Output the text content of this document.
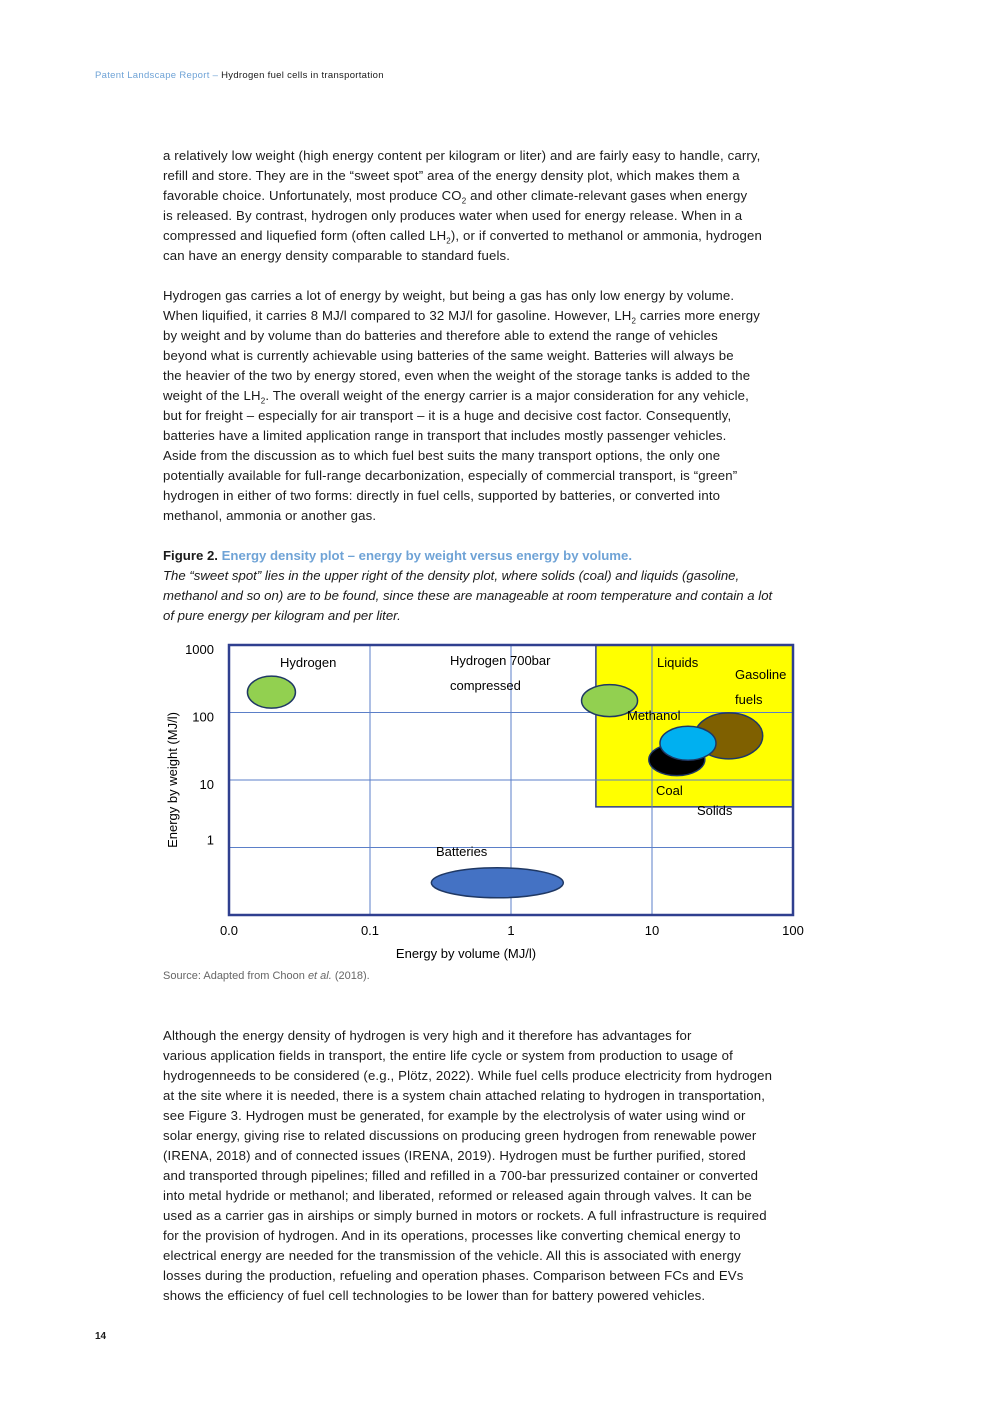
Patent Landscape Report – Hydrogen fuel cells in transportation

a relatively low weight (high energy content per kilogram or liter) and are fairly easy to handle, carry,

refill and store. They are in the “sweet spot” area of the energy density plot, which makes them a

favorable choice. Unfortunately, most produce $CO_2$ and other climate-relevant gases when energy

is released. By contrast, hydrogen only produces water when used for energy release. When in a

compressed and liquefied form (often called $LH_2$), or if converted to methanol or ammonia, hydrogen

can have an energy density comparable to standard fuels.

Hydrogen gas carries a lot of energy by weight, but being a gas has only low energy by volume.

When liquified, it carries 8 MJ/l compared to 32 MJ/l for gasoline. However, $LH_2$ carries more energy

by weight and by volume than do batteries and therefore able to extend the range of vehicles

beyond what is currently achievable using batteries of the same weight. Batteries will always be

the heavier of the two by energy stored, even when the weight of the storage tanks is added to the

weight of the $LH_2$. The overall weight of the energy carrier is a major consideration for any vehicle,

but for freight – especially for air transport – it is a huge and decisive cost factor. Consequently,

batteries have a limited application range in transport that includes mostly passenger vehicles.

Aside from the discussion as to which fuel best suits the many transport options, the only one

potentially available for full-range decarbonization, especially of commercial transport, is “green”

hydrogen in either of two forms: directly in fuel cells, supported by batteries, or converted into

methanol, ammonia or another gas.

Figure 2. Energy density plot – energy by weight versus energy by volume.
The “sweet spot” lies in the upper right of the density plot, where solids (coal) and liquids (gasoline,
methanol and so on) are to be found, since these are manageable at room temperature and contain a lot
of pure energy per kilogram and per liter.
0.0	0.1	1	10	100
1000
100
10
1
Hydrogen	Hydrogen 700bar
compressed
Liquids
Gasoline
fuels
Methanol
Coal
Solids
Batteries
Energy by volume (MJ/l)
Energy by weight (MJ/l)
Source: Adapted from Choon et al. (2018).

Although the energy density of hydrogen is very high and it therefore has advantages for

various application fields in transport, the entire life cycle or system from production to usage of

hydrogenneeds to be considered (e.g., Plötz, 2022). While fuel cells produce electricity from hydrogen

at the site where it is needed, there is a system chain attached relating to hydrogen in transportation,

see Figure 3. Hydrogen must be generated, for example by the electrolysis of water using wind or

solar energy, giving rise to related discussions on producing green hydrogen from renewable power

(IRENA, 2018) and of connected issues (IRENA, 2019). Hydrogen must be further purified, stored

and transported through pipelines; filled and refilled in a 700-bar pressurized container or converted

into metal hydride or methanol; and liberated, reformed or released again through valves. It can be

used as a carrier gas in airships or simply burned in motors or rockets. A full infrastructure is required

for the provision of hydrogen. And in its operations, processes like converting chemical energy to

electrical energy are needed for the transmission of the vehicle. All this is associated with energy

losses during the production, refueling and operation phases. Comparison between FCs and EVs

shows the efficiency of fuel cell technologies to be lower than for battery powered vehicles.

14
